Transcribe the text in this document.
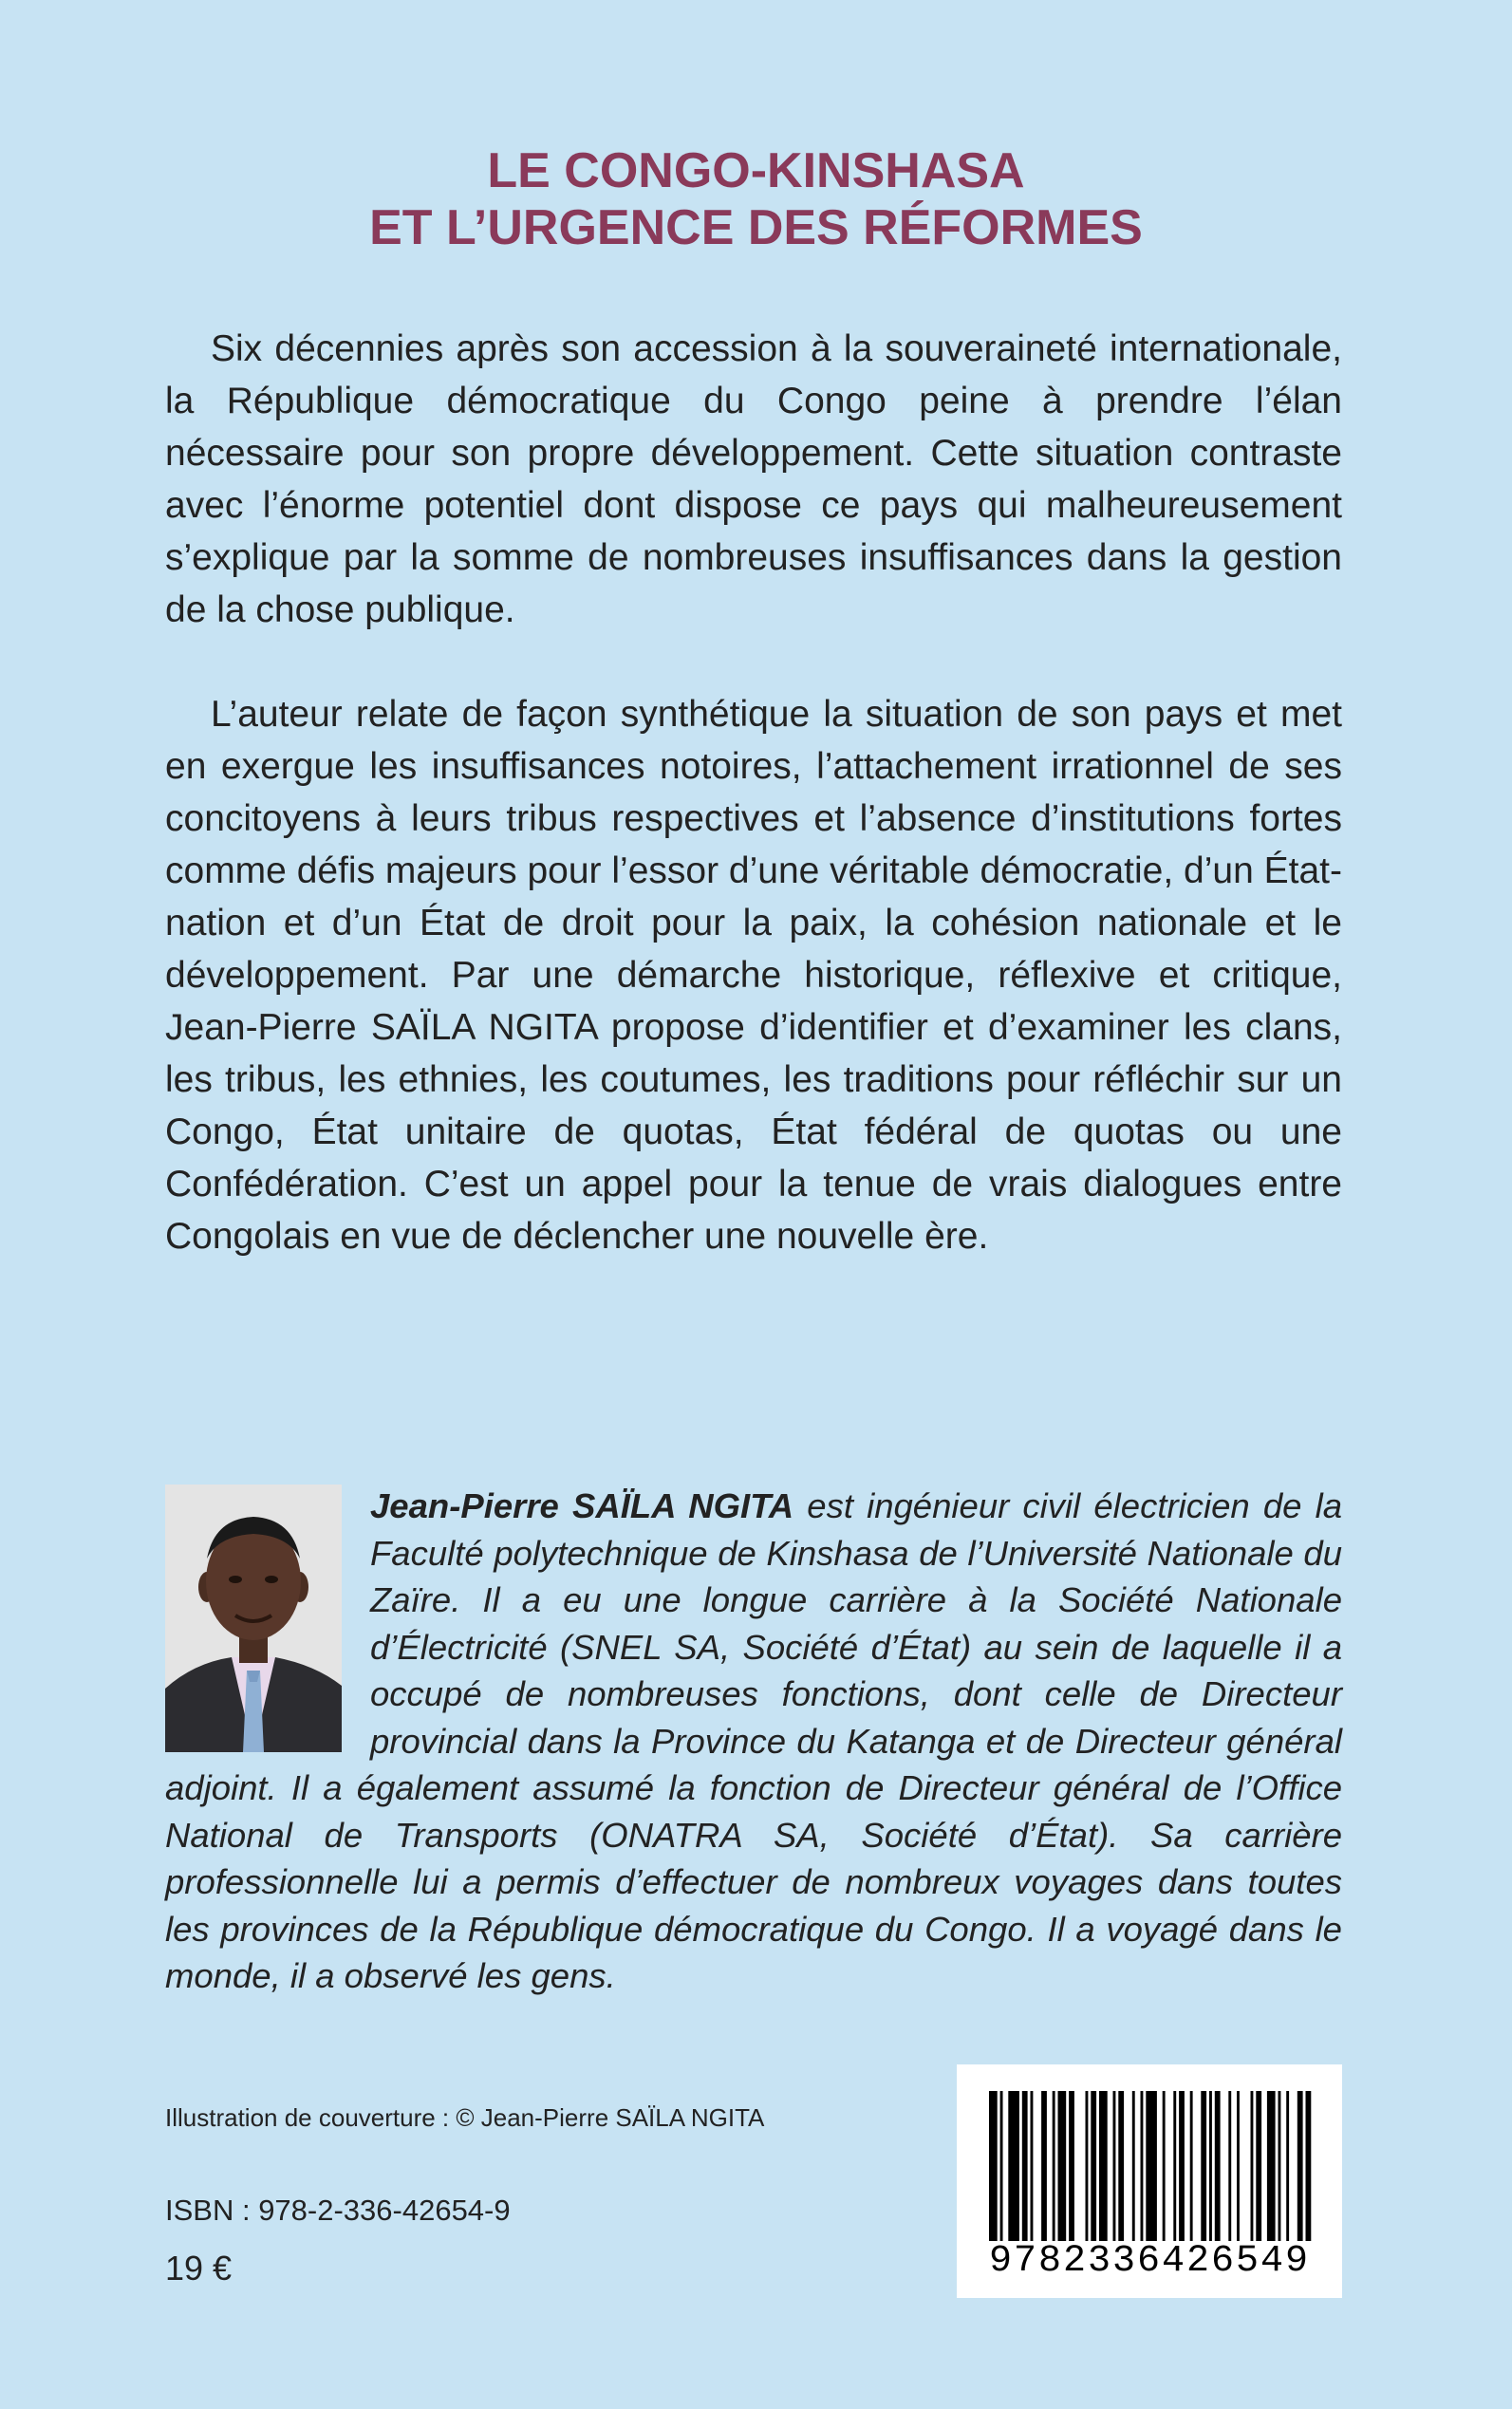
LE CONGO-KINSHASA
ET L’URGENCE DES RÉFORMES

Six décennies après son accession à la souveraineté internationale, la République démocratique du Congo peine à prendre l’élan nécessaire pour son propre développement. Cette situation contraste avec l’énorme potentiel dont dispose ce pays qui malheureusement s’explique par la somme de nombreuses insuffisances dans la gestion de la chose publique.

L’auteur relate de façon synthétique la situation de son pays et met en exergue les insuffisances notoires, l’attachement irrationnel de ses concitoyens à leurs tribus respectives et l’absence d’institutions fortes comme défis majeurs pour l’essor d’une véritable démocratie, d’un État-nation et d’un État de droit pour la paix, la cohésion nationale et le développement. Par une démarche historique, réflexive et critique, Jean-Pierre SAÏLA NGITA propose d’identifier et d’examiner les clans, les tribus, les ethnies, les coutumes, les traditions pour réfléchir sur un Congo, État unitaire de quotas, État fédéral de quotas ou une Confédération. C’est un appel pour la tenue de vrais dialogues entre Congolais en vue de déclencher une nouvelle ère.

Jean-Pierre SAÏLA NGITA est ingénieur civil électricien de la Faculté polytechnique de Kinshasa de l’Université Nationale du Zaïre. Il a eu une longue carrière à la Société Nationale d’Électricité (SNEL SA, Société d’État) au sein de laquelle il a occupé de nombreuses fonctions, dont celle de Directeur provincial dans la Province du Katanga et de Directeur général adjoint. Il a également assumé la fonction de Directeur général de l’Office National de Transports (ONATRA SA, Société d’État). Sa carrière professionnelle lui a permis d’effectuer de nombreux voyages dans toutes les provinces de la République démocratique du Congo. Il a voyagé dans le monde, il a observé les gens.
Illustration de couverture : © Jean-Pierre SAÏLA NGITA
ISBN : 978-2-336-42654-9
19 €	9782336426549
